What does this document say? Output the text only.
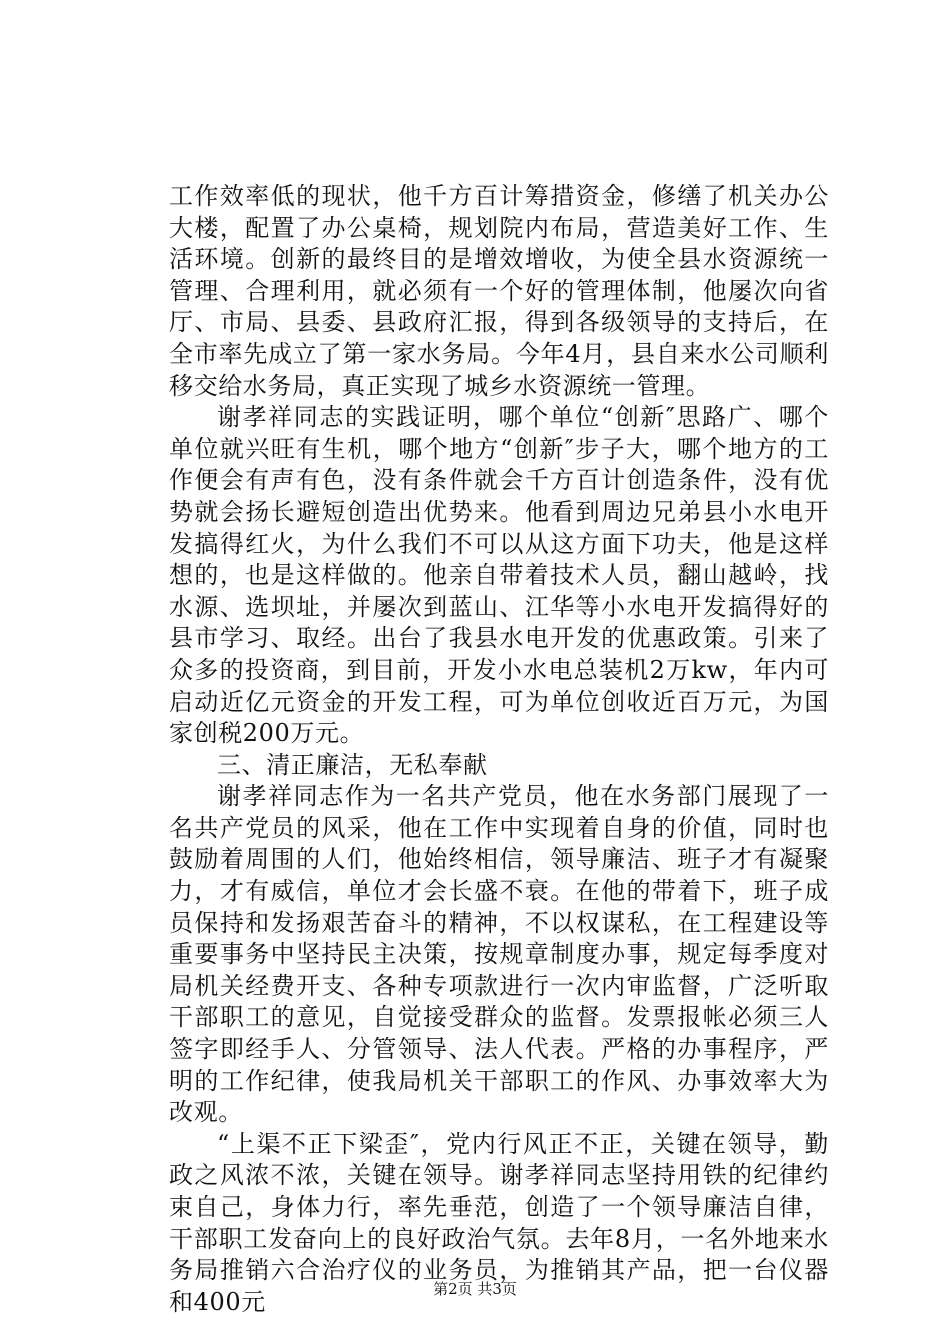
工作效率低的现状，他千方百计筹措资金，修缮了机关办公大楼，配置了办公桌椅，规划院内布局，营造美好工作、生活环境。创新的最终目的是增效增收，为使全县水资源统一管理、合理利用，就必须有一个好的管理体制，他屡次向省厅、市局、县委、县政府汇报，得到各级领导的支持后，在全市率先成立了第一家水务局。今年4月，县自来水公司顺利移交给水务局，真正实现了城乡水资源统一管理。

谢孝祥同志的实践证明，哪个单位“创新″思路广、哪个单位就兴旺有生机，哪个地方“创新″步子大，哪个地方的工作便会有声有色，没有条件就会千方百计创造条件，没有优势就会扬长避短创造出优势来。他看到周边兄弟县小水电开发搞得红火，为什么我们不可以从这方面下功夫，他是这样想的，也是这样做的。他亲自带着技术人员，翻山越岭，找水源、选坝址，并屡次到蓝山、江华等小水电开发搞得好的县市学习、取经。出台了我县水电开发的优惠政策。引来了众多的投资商，到目前，开发小水电总装机2万kw，年内可启动近亿元资金的开发工程，可为单位创收近百万元，为国家创税200万元。

三、清正廉洁，无私奉献

谢孝祥同志作为一名共产党员，他在水务部门展现了一名共产党员的风采，他在工作中实现着自身的价值，同时也鼓励着周围的人们，他始终相信，领导廉洁、班子才有凝聚力，才有威信，单位才会长盛不衰。在他的带着下，班子成员保持和发扬艰苦奋斗的精神，不以权谋私，在工程建设等重要事务中坚持民主决策，按规章制度办事，规定每季度对局机关经费开支、各种专项款进行一次内审监督，广泛听取干部职工的意见，自觉接受群众的监督。发票报帐必须三人签字即经手人、分管领导、法人代表。严格的办事程序，严明的工作纪律，使我局机关干部职工的作风、办事效率大为改观。

“上渠不正下梁歪″，党内行风正不正，关键在领导，勤政之风浓不浓，关键在领导。谢孝祥同志坚持用铁的纪律约束自己，身体力行，率先垂范，创造了一个领导廉洁自律，干部职工发奋向上的良好政治气氛。去年8月，一名外地来水务局推销六合治疗仪的业务员，为推销其产品，把一台仪器和400元	第2页 共3页
